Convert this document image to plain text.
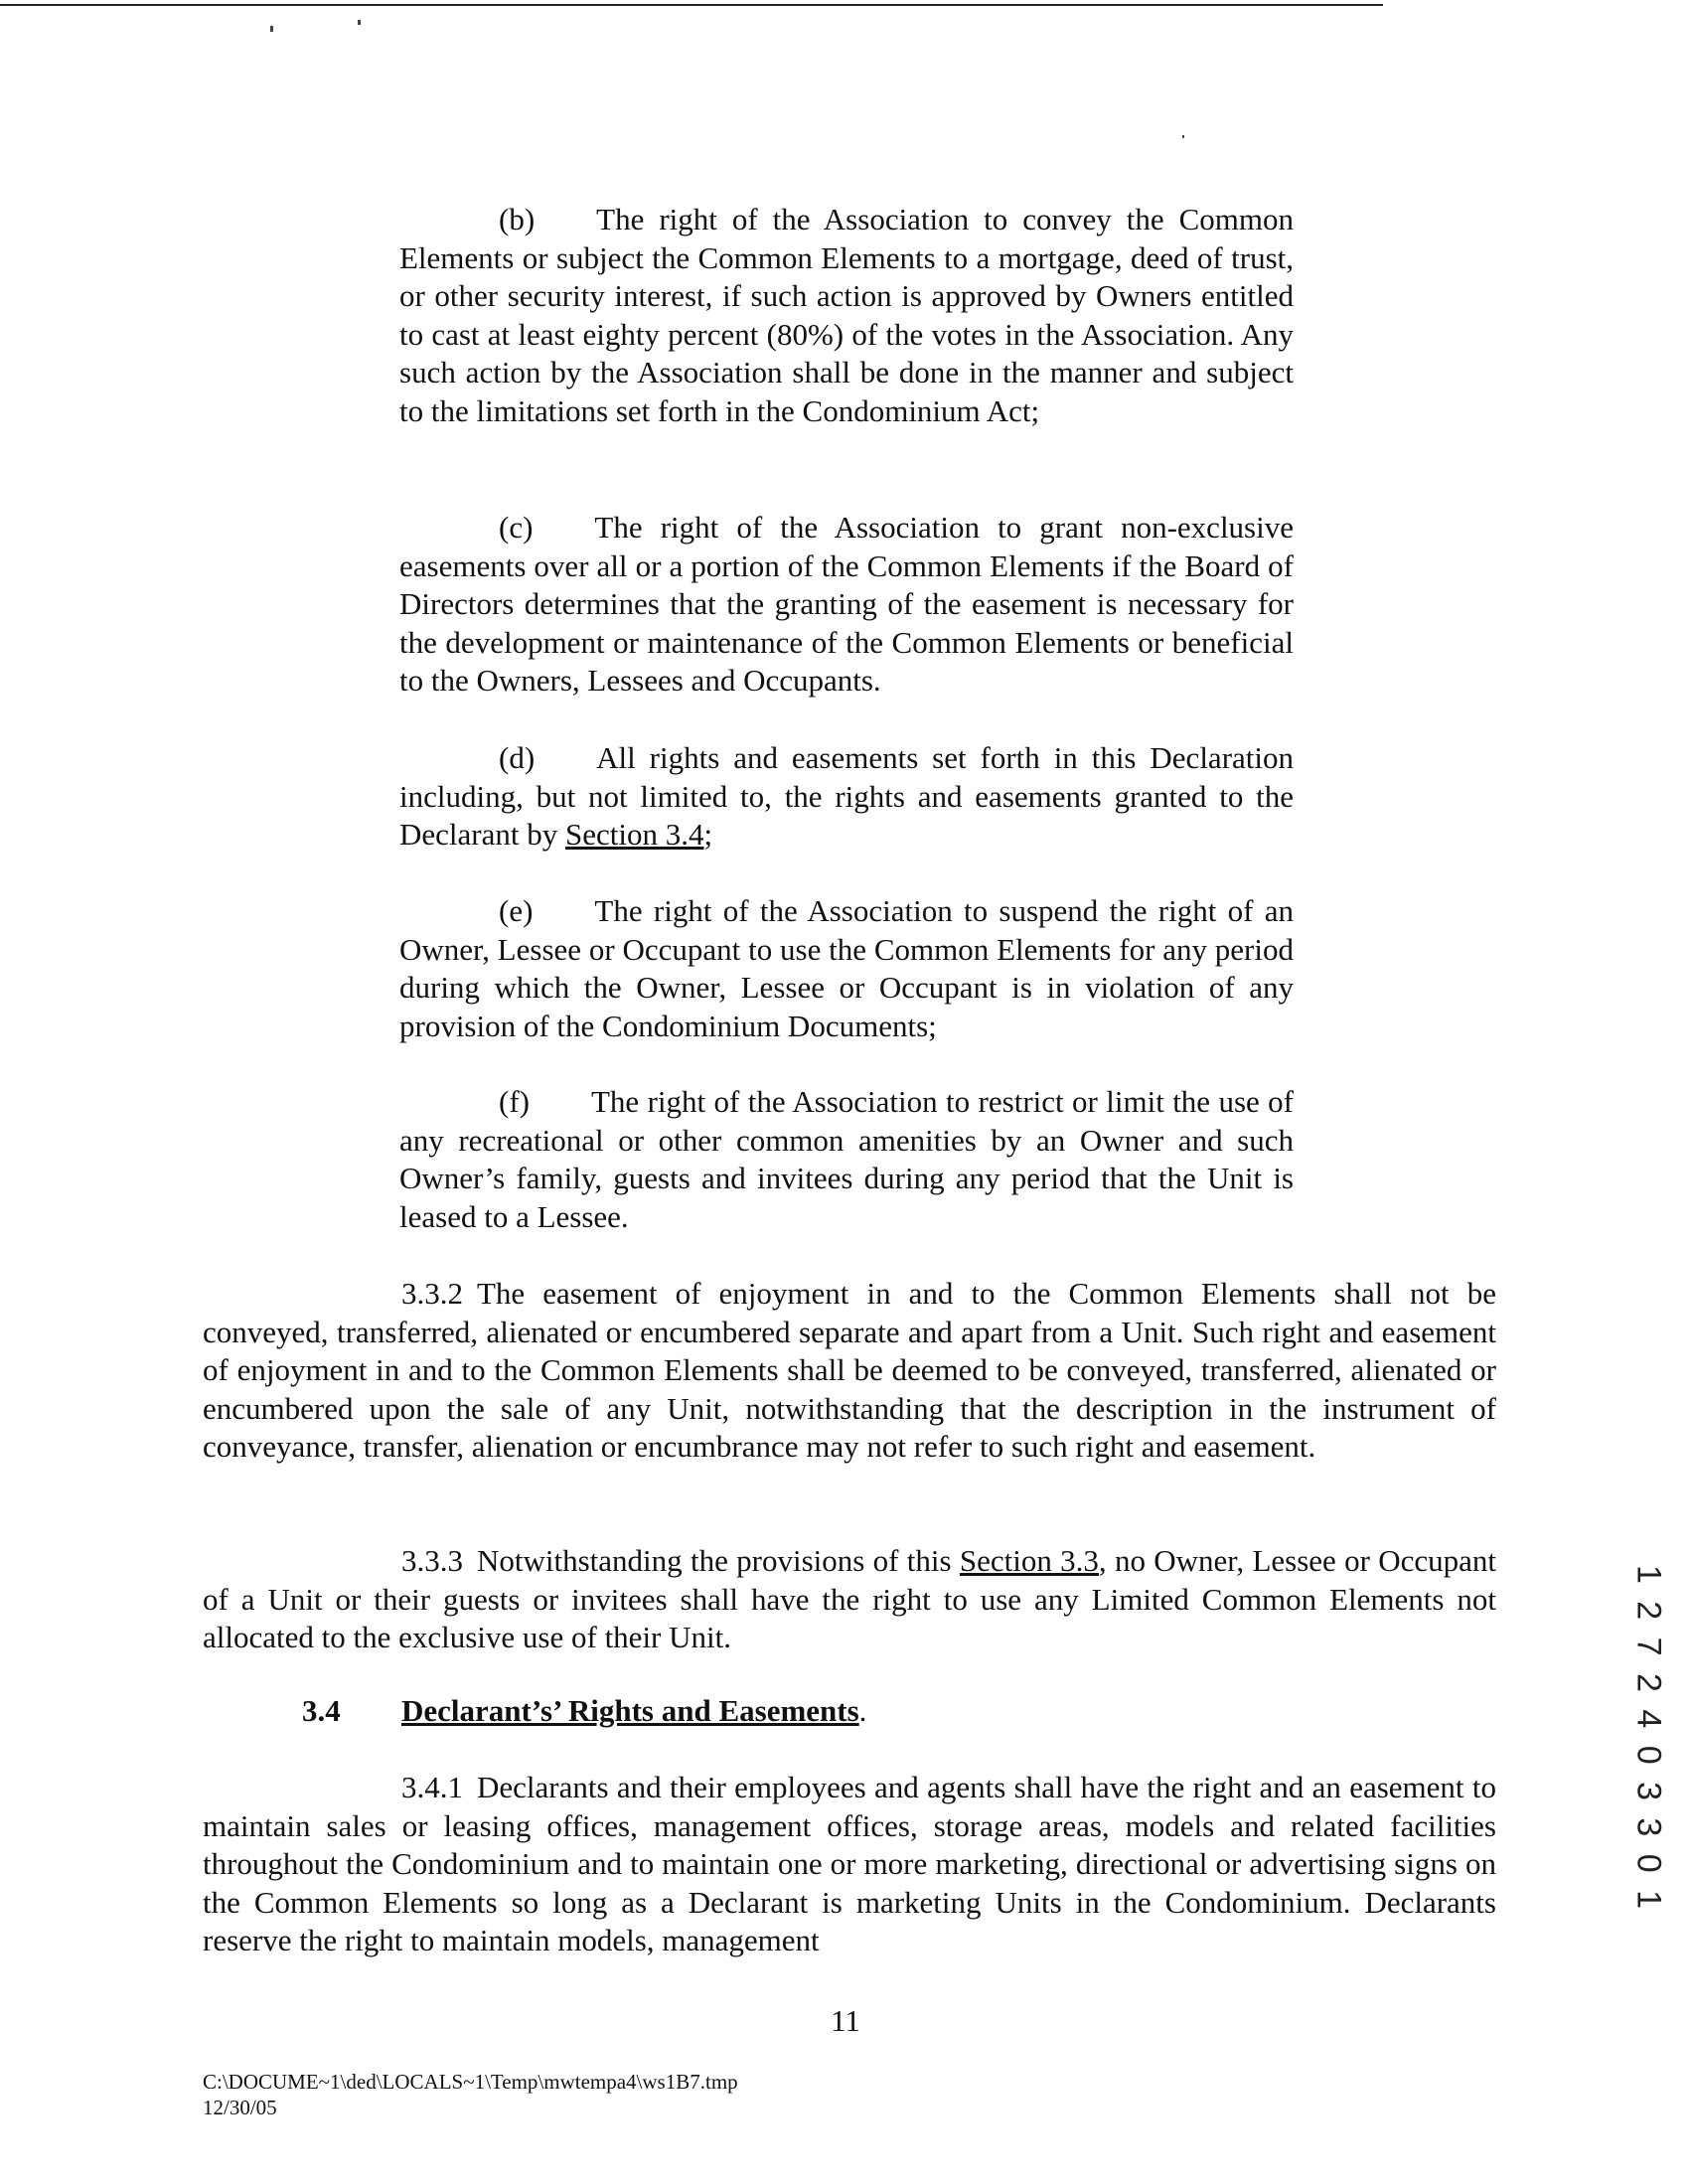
(b) The right of the Association to convey the Common Elements or subject the Common Elements to a mortgage, deed of trust, or other security interest, if such action is approved by Owners entitled to cast at least eighty percent (80%) of the votes in the Association. Any such action by the Association shall be done in the manner and subject to the limitations set forth in the Condominium Act;

(c) The right of the Association to grant non-exclusive easements over all or a portion of the Common Elements if the Board of Directors determines that the granting of the easement is necessary for the development or maintenance of the Common Elements or beneficial to the Owners, Lessees and Occupants.

(d) All rights and easements set forth in this Declaration including, but not limited to, the rights and easements granted to the Declarant by Section 3.4;

(e) The right of the Association to suspend the right of an Owner, Lessee or Occupant to use the Common Elements for any period during which the Owner, Lessee or Occupant is in violation of any provision of the Condominium Documents;

(f) The right of the Association to restrict or limit the use of any recreational or other common amenities by an Owner and such Owner’s family, guests and invitees during any period that the Unit is leased to a Lessee.

3.3.2 The easement of enjoyment in and to the Common Elements shall not be conveyed, transferred, alienated or encumbered separate and apart from a Unit. Such right and easement of enjoyment in and to the Common Elements shall be deemed to be conveyed, transferred, alienated or encumbered upon the sale of any Unit, notwithstanding that the description in the instrument of conveyance, transfer, alienation or encumbrance may not refer to such right and easement.

3.3.3 Notwithstanding the provisions of this Section 3.3, no Owner, Lessee or Occupant of a Unit or their guests or invitees shall have the right to use any Limited Common Elements not allocated to the exclusive use of their Unit.

3.4 Declarant’s’ Rights and Easements.

3.4.1 Declarants and their employees and agents shall have the right and an easement to maintain sales or leasing offices, management offices, storage areas, models and related facilities throughout the Condominium and to maintain one or more marketing, directional or advertising signs on the Common Elements so long as a Declarant is marketing Units in the Condominium. Declarants reserve the right to maintain models, management

11

C:\DOCUME~1\ded\LOCALS~1\Temp\mwtempa4\ws1B7.tmp
12/30/05
1 2 7 2 4 0 3 3 0 1
